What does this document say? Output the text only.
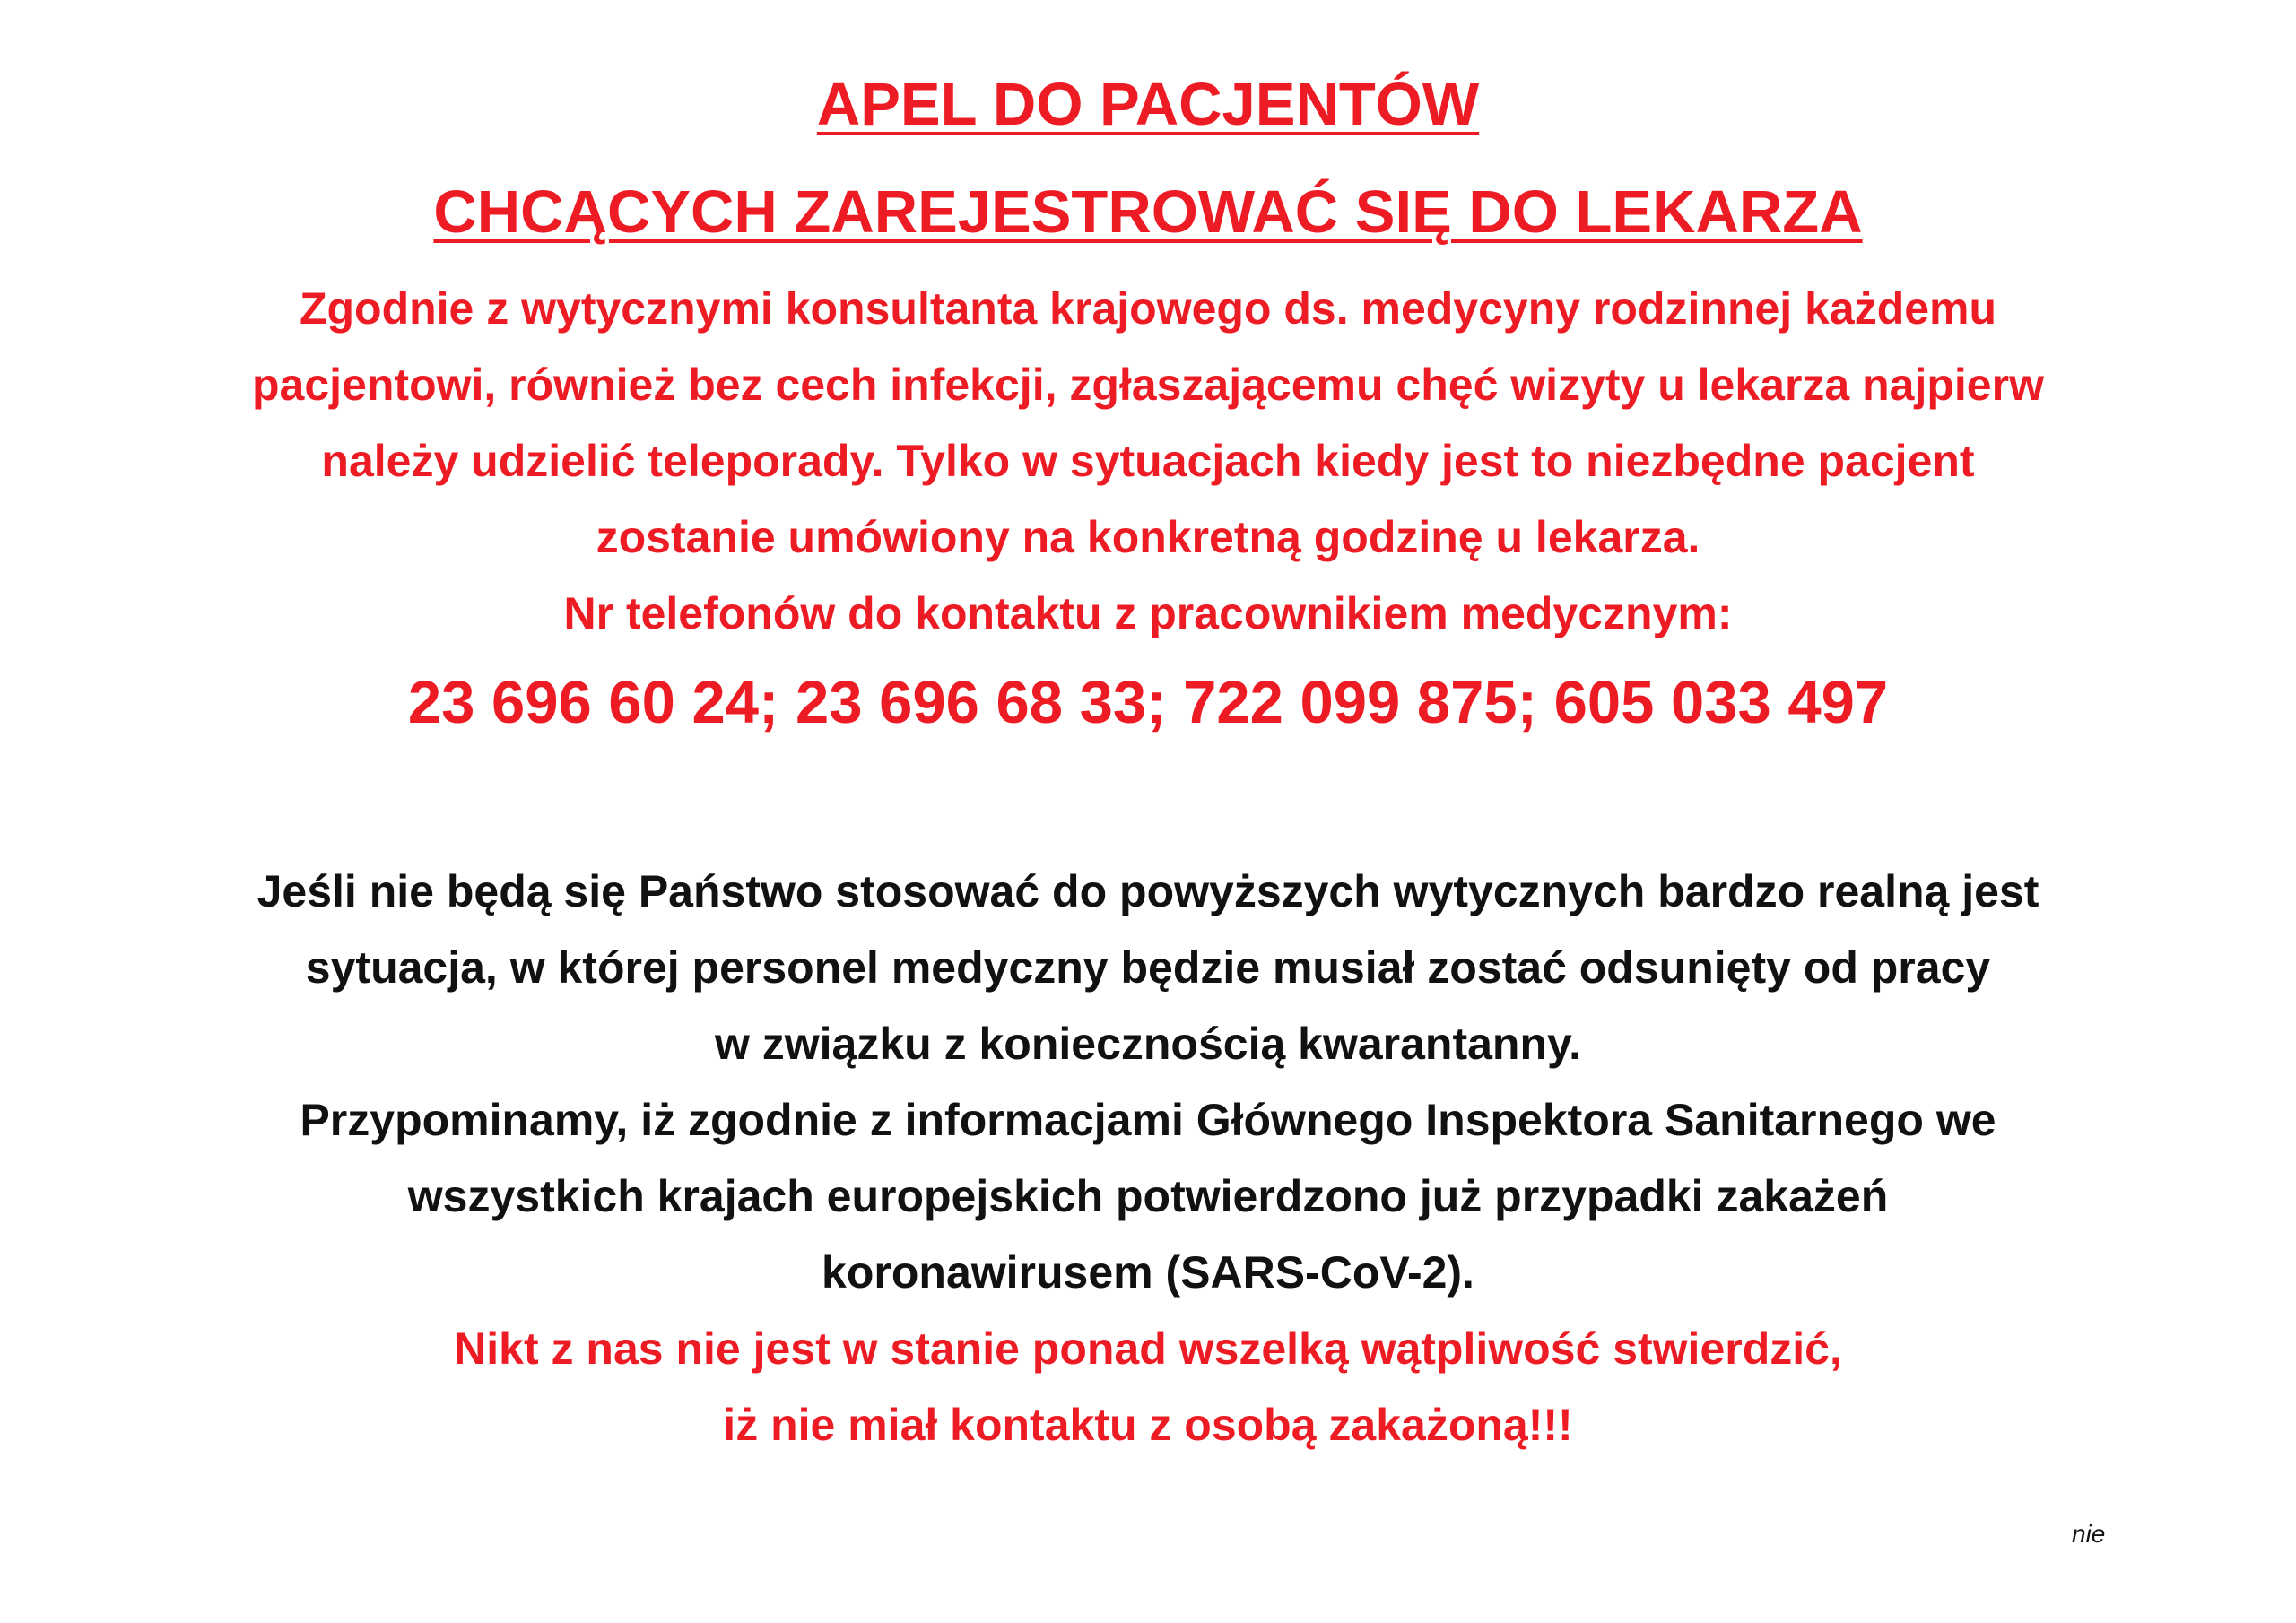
APEL DO PACJENTÓW
CHCĄCYCH ZAREJESTROWAĆ SIĘ DO LEKARZA

Zgodnie z wytycznymi konsultanta krajowego ds. medycyny rodzinnej każdemu

pacjentowi, również bez cech infekcji, zgłaszającemu chęć wizyty u lekarza najpierw

należy udzielić teleporady. Tylko w sytuacjach kiedy jest to niezbędne pacjent

zostanie umówiony na konkretną godzinę u lekarza.

Nr telefonów do kontaktu z pracownikiem medycznym:

23 696 60 24; 23 696 68 33; 722 099 875; 605 033 497

Jeśli nie będą się Państwo stosować do powyższych wytycznych bardzo realną jest

sytuacja, w której personel medyczny będzie musiał zostać odsunięty od pracy

w związku z koniecznością kwarantanny.

Przypominamy, iż zgodnie z informacjami Głównego Inspektora Sanitarnego we

wszystkich krajach europejskich potwierdzono już przypadki zakażeń

koronawirusem (SARS-CoV-2).

Nikt z nas nie jest w stanie ponad wszelką wątpliwość stwierdzić,

iż nie miał kontaktu z osobą zakażoną!!!

nie
